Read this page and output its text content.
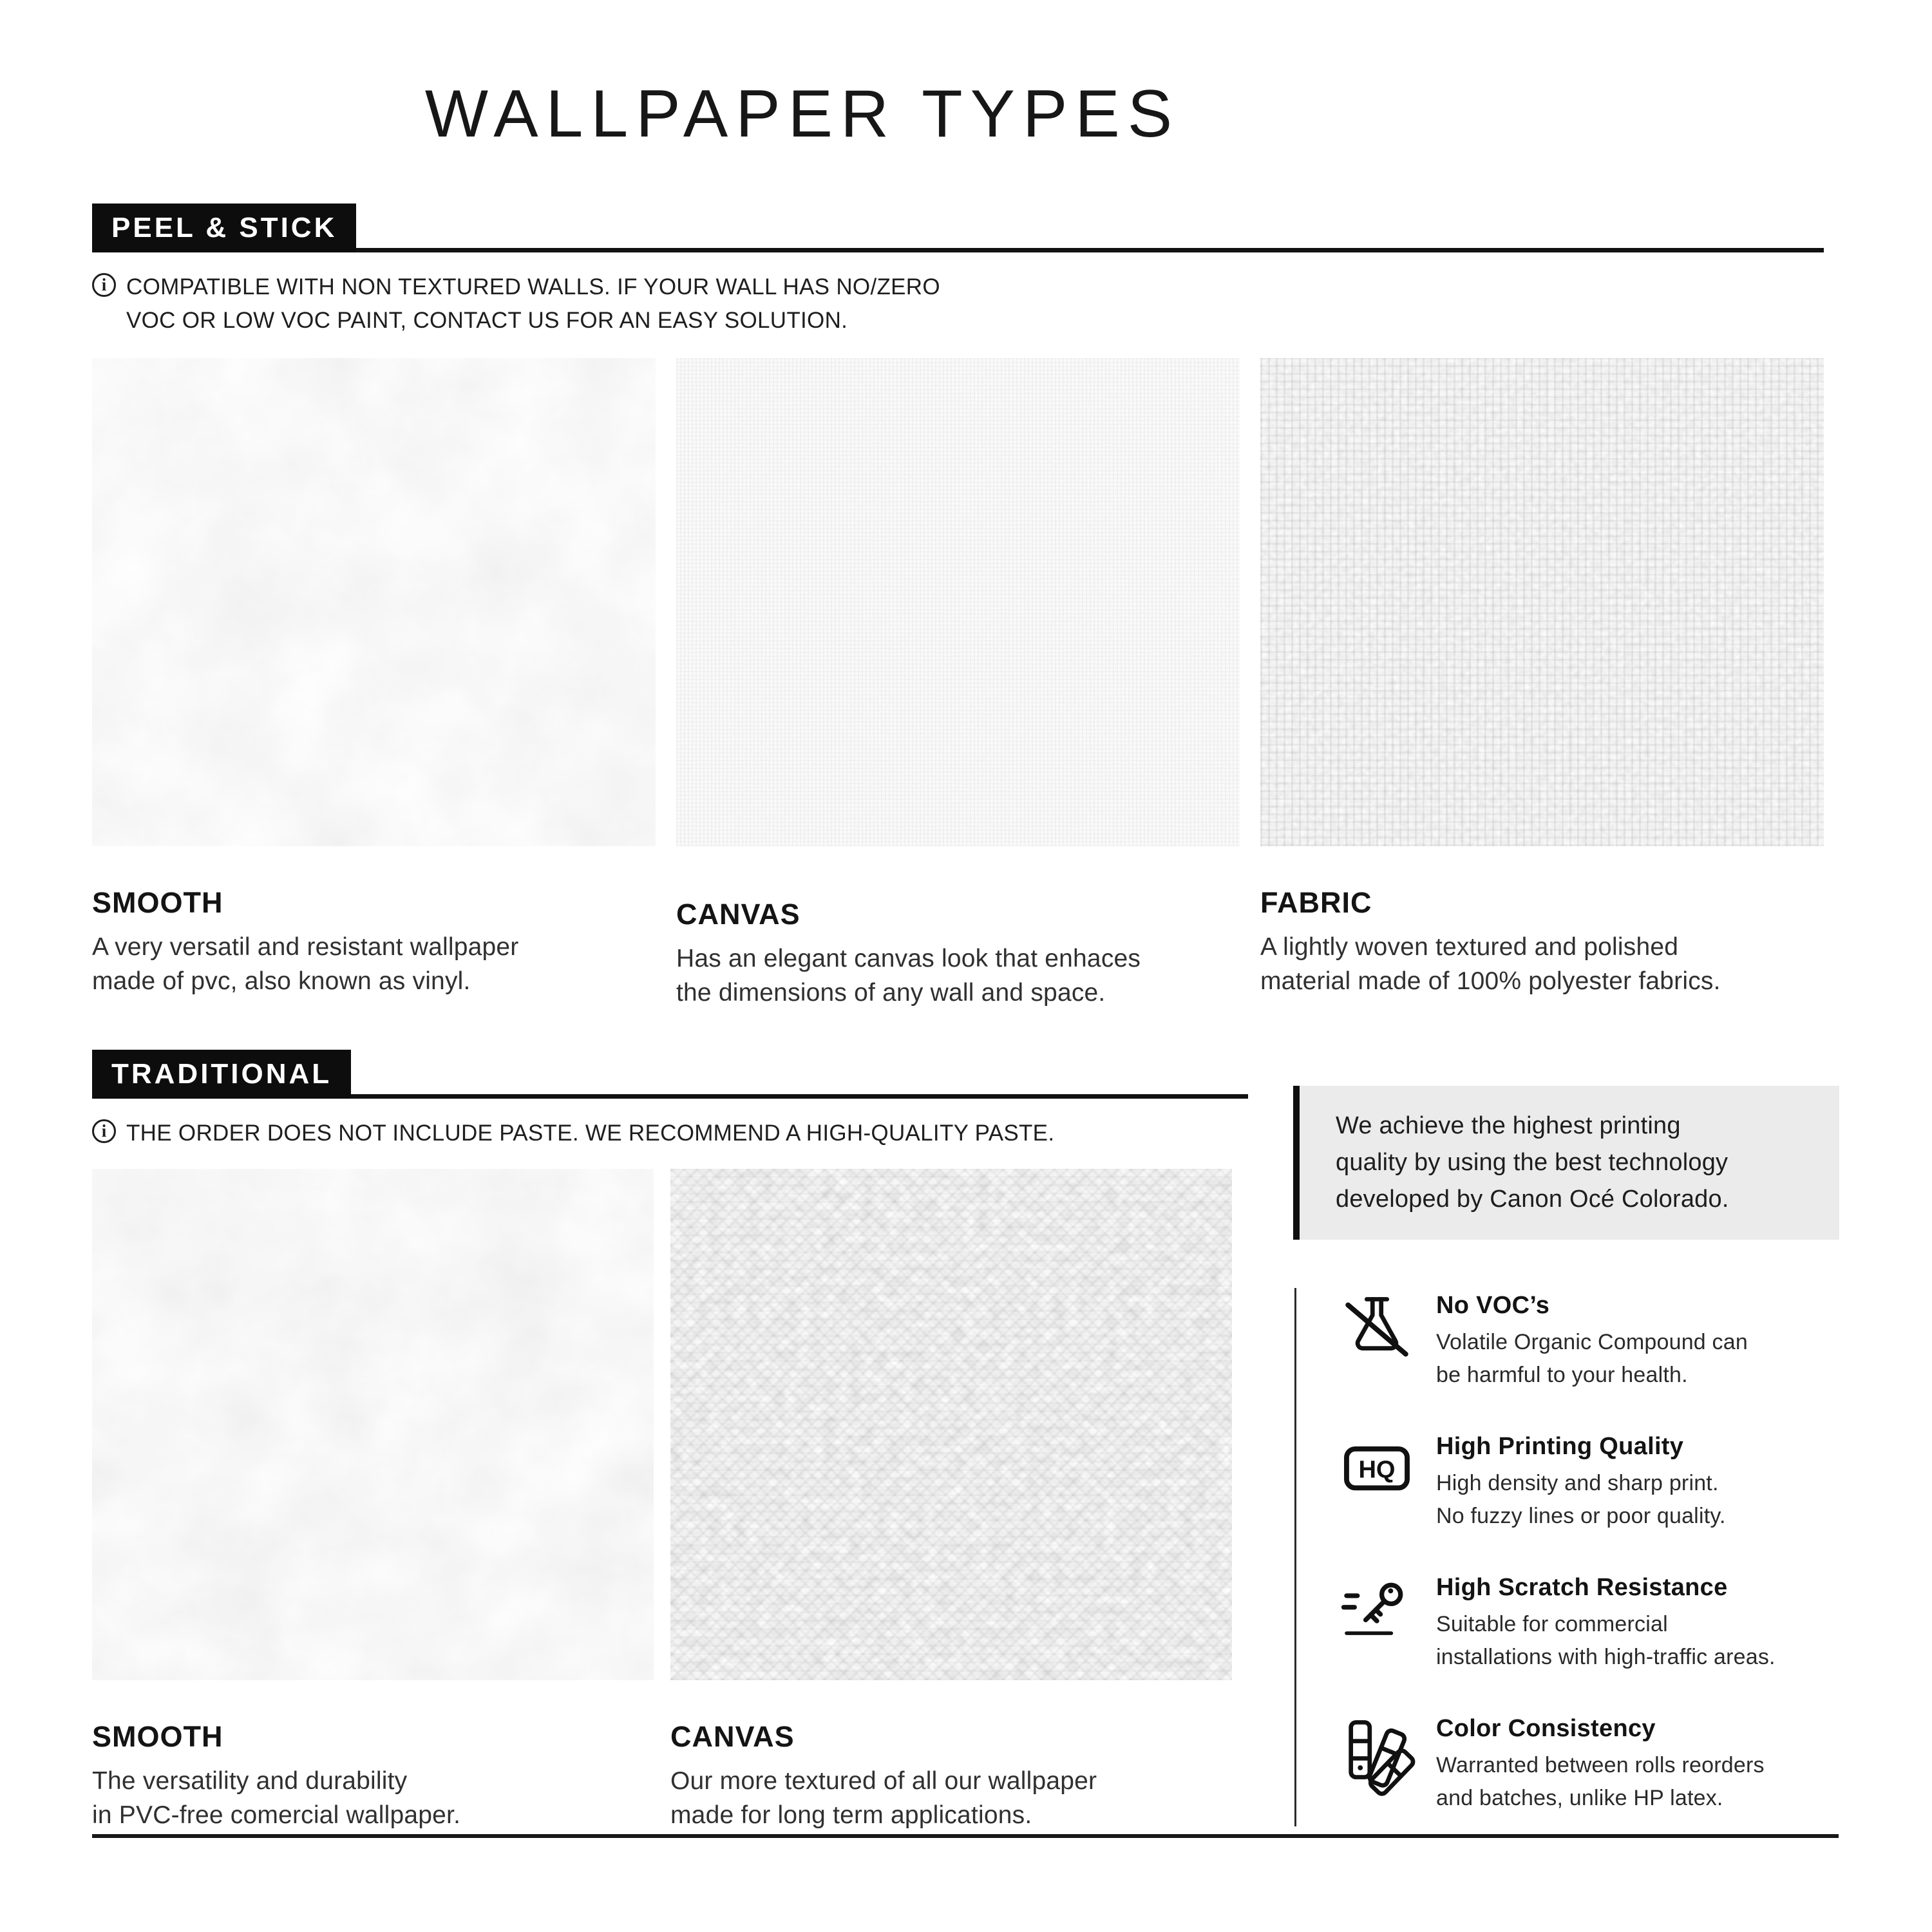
WALLPAPER TYPES
PEEL & STICK
i COMPATIBLE WITH NON TEXTURED WALLS. IF YOUR WALL HAS NO/ZERO
VOC OR LOW VOC PAINT, CONTACT US FOR AN EASY SOLUTION.
SMOOTH
A very versatil and resistant wallpaper
made of pvc, also known as vinyl.
CANVAS
Has an elegant canvas look that enhaces
the dimensions of any wall and space.
FABRIC
A lightly woven textured and polished
material made of 100% polyester fabrics.
TRADITIONAL
i THE ORDER DOES NOT INCLUDE PASTE. WE RECOMMEND A HIGH-QUALITY PASTE.
SMOOTH
The versatility and durability
in PVC-free comercial wallpaper.
CANVAS
Our more textured of all our wallpaper
made for long term applications.
We achieve the highest printing
quality by using the best technology
developed by Canon Océ Colorado.
No VOC’s
Volatile Organic Compound can
be harmful to your health.
HQ
High Printing Quality
High density and sharp print.
No fuzzy lines or poor quality.
High Scratch Resistance
Suitable for commercial
installations with high-traffic areas.
Color Consistency
Warranted between rolls reorders
and batches, unlike HP latex.
